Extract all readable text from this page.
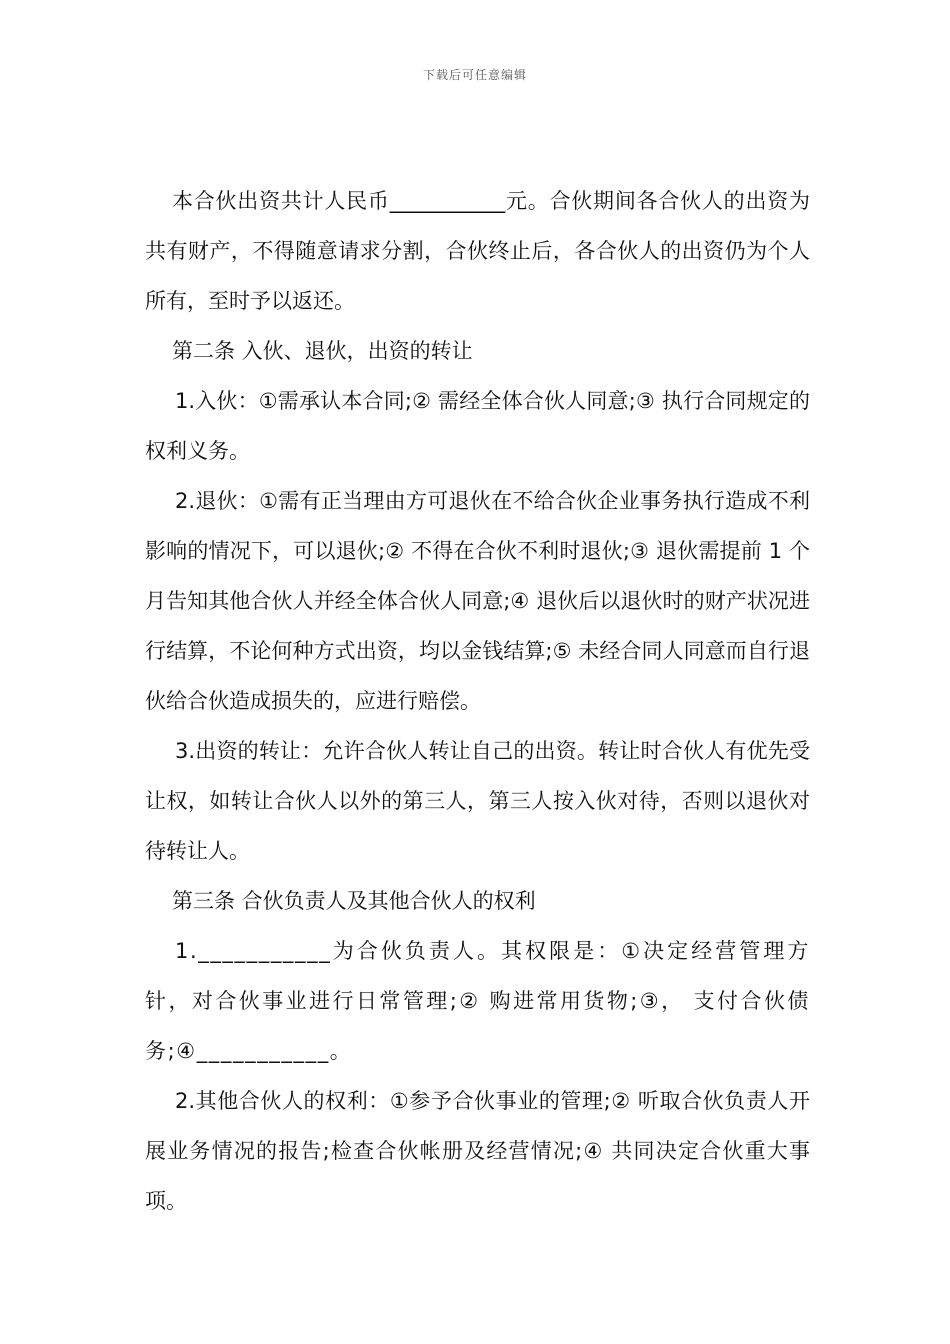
下载后可任意编辑

本合伙出资共计人民币___________元。合伙期间各合伙人的出资为共有财产，不得随意请求分割，合伙终止后，各合伙人的出资仍为个人所有，至时予以返还。

第二条 入伙、退伙，出资的转让

1.入伙：①需承认本合同;② 需经全体合伙人同意;③ 执行合同规定的权利义务。

2.退伙：①需有正当理由方可退伙在不给合伙企业事务执行造成不利影响的情况下，可以退伙;② 不得在合伙不利时退伙;③ 退伙需提前 1 个月告知其他合伙人并经全体合伙人同意;④ 退伙后以退伙时的财产状况进行结算，不论何种方式出资，均以金钱结算;⑤ 未经合同人同意而自行退伙给合伙造成损失的，应进行赔偿。

3.出资的转让：允许合伙人转让自己的出资。转让时合伙人有优先受让权，如转让合伙人以外的第三人，第三人按入伙对待，否则以退伙对待转让人。

第三条 合伙负责人及其他合伙人的权利

1.___________为合伙负责人。其权限是：①决定经营管理方针，对合伙事业进行日常管理;② 购进常用货物;③， 支付合伙债务;④___________。

2.其他合伙人的权利：①参予合伙事业的管理;② 听取合伙负责人开展业务情况的报告;检查合伙帐册及经营情况;④ 共同决定合伙重大事项。
